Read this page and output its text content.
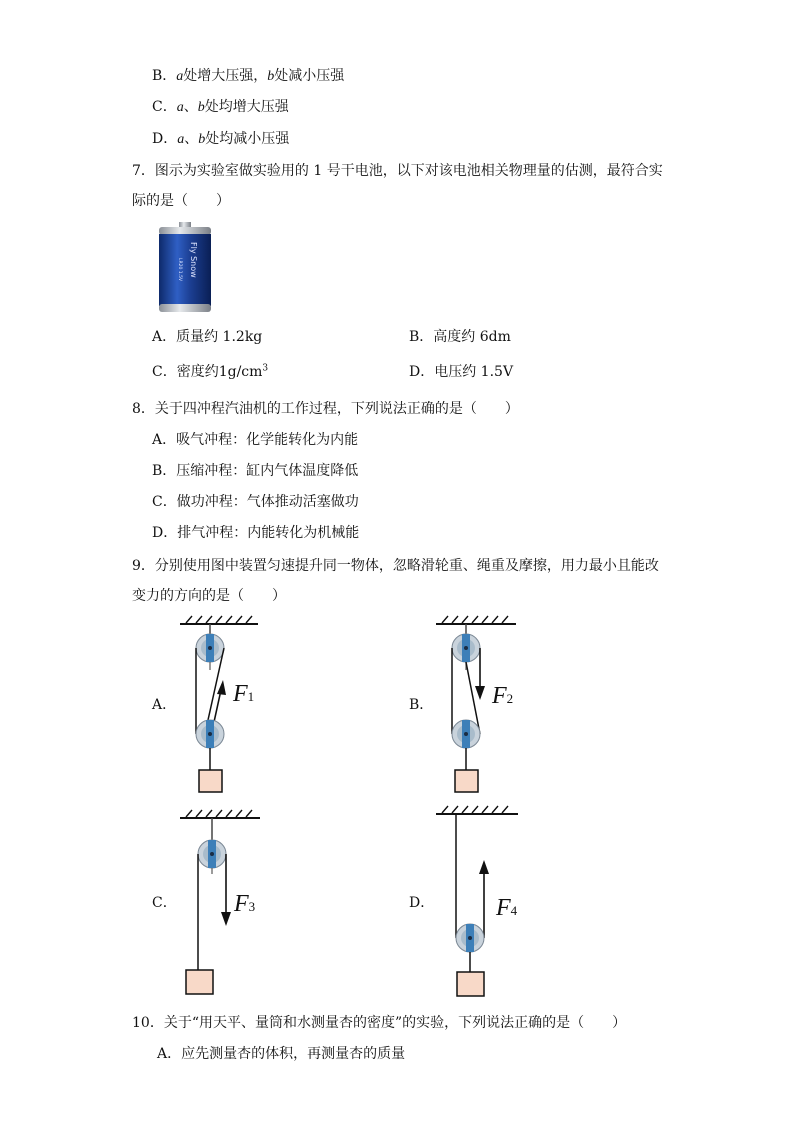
B．a处增大压强，b处减小压强
C．a、b处均增大压强
D．a、b处均减小压强
7．图示为实验室做实验用的 1 号干电池，以下对该电池相关物理量的估测，最符合实
际的是（　　）
Fly Snow
LR20 1.5V
A．质量约 1.2kg	B．高度约 6dm
C．密度约$1g/cm^3$	D．电压约 1.5V
8．关于四冲程汽油机的工作过程，下列说法正确的是（　　）
A．吸气冲程：化学能转化为内能
B．压缩冲程：缸内气体温度降低
C．做功冲程：气体推动活塞做功
D．排气冲程：内能转化为机械能
9．分别使用图中装置匀速提升同一物体，忽略滑轮重、绳重及摩擦，用力最小且能改
变力的方向的是（　　）
A．	B．
C．	D．
F1	F2
F3	F4
10．关于“用天平、量筒和水测量杏的密度”的实验，下列说法正确的是（　　）
A．应先测量杏的体积，再测量杏的质量
